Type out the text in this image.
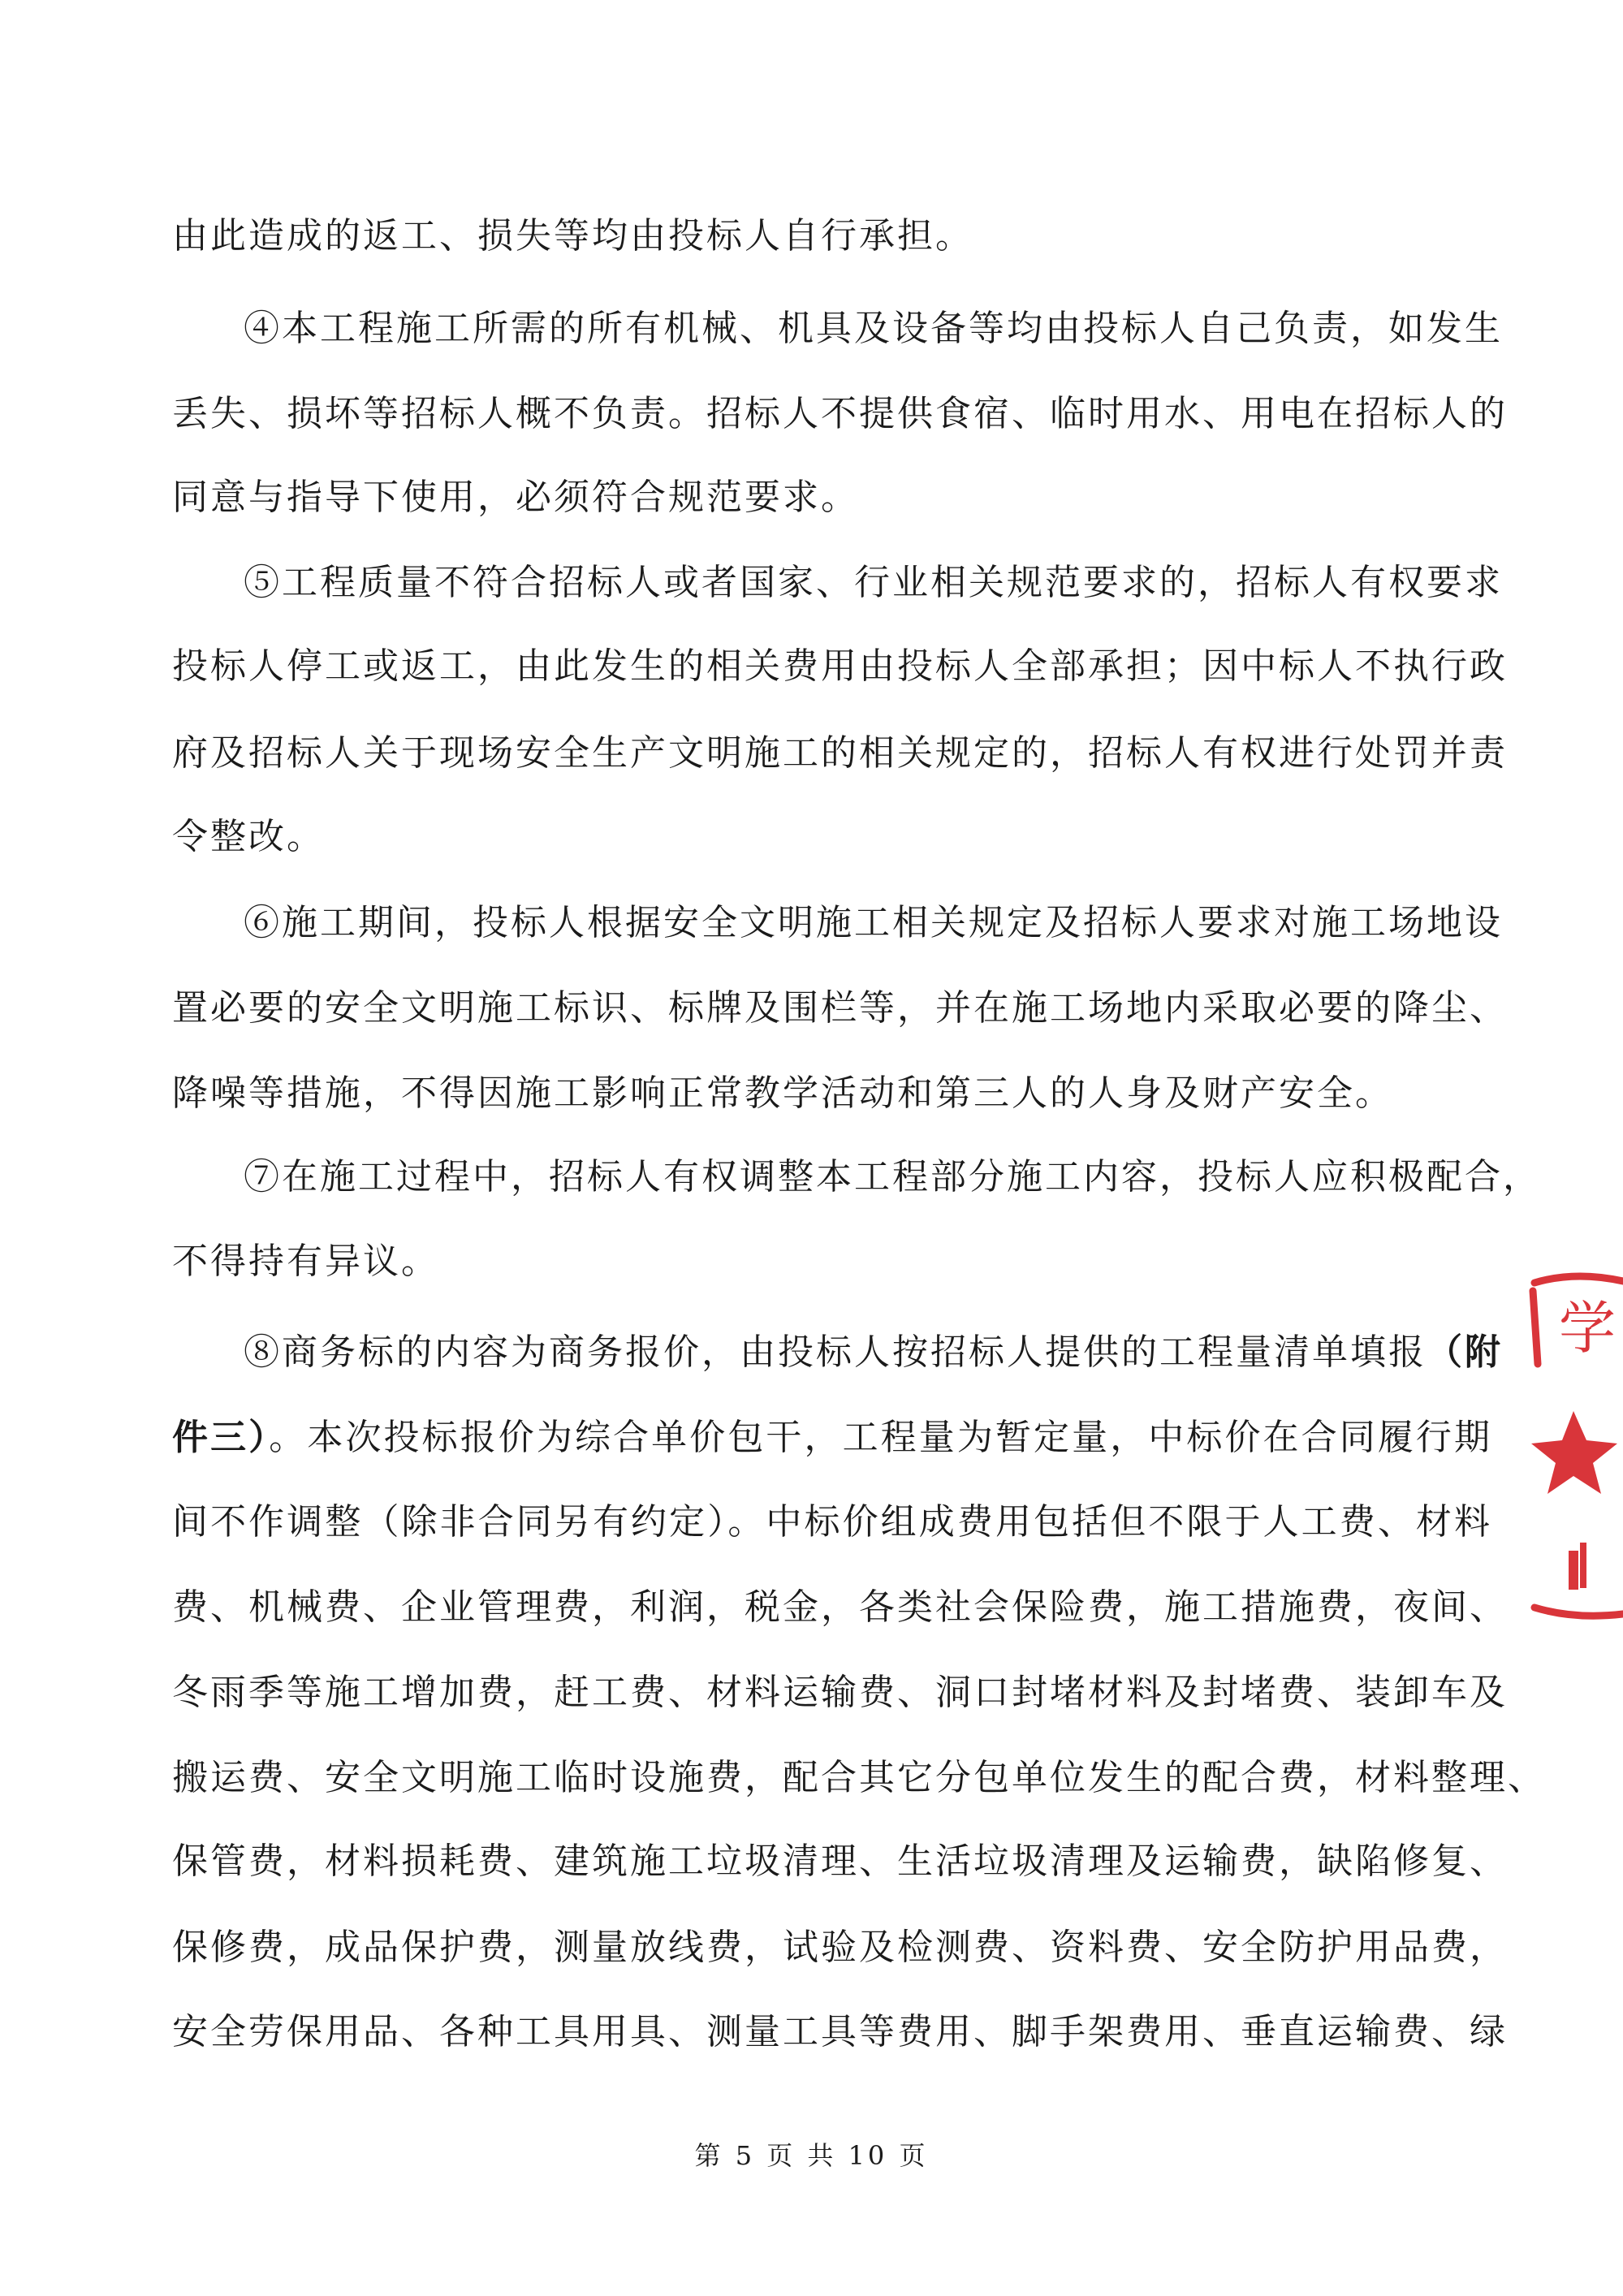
由此造成的返工、损失等均由投标人自行承担。
④本工程施工所需的所有机械、机具及设备等均由投标人自己负责，如发生
丢失、损坏等招标人概不负责。招标人不提供食宿、临时用水、用电在招标人的
同意与指导下使用，必须符合规范要求。
⑤工程质量不符合招标人或者国家、行业相关规范要求的，招标人有权要求
投标人停工或返工，由此发生的相关费用由投标人全部承担；因中标人不执行政
府及招标人关于现场安全生产文明施工的相关规定的，招标人有权进行处罚并责
令整改。
⑥施工期间，投标人根据安全文明施工相关规定及招标人要求对施工场地设
置必要的安全文明施工标识、标牌及围栏等，并在施工场地内采取必要的降尘、
降噪等措施，不得因施工影响正常教学活动和第三人的人身及财产安全。
⑦在施工过程中，招标人有权调整本工程部分施工内容，投标人应积极配合，
不得持有异议。
⑧商务标的内容为商务报价，由投标人按招标人提供的工程量清单填报（附
件三）。本次投标报价为综合单价包干，工程量为暂定量，中标价在合同履行期
间不作调整（除非合同另有约定）。中标价组成费用包括但不限于人工费、材料
费、机械费、企业管理费，利润，税金，各类社会保险费，施工措施费，夜间、
冬雨季等施工增加费，赶工费、材料运输费、洞口封堵材料及封堵费、装卸车及
搬运费、安全文明施工临时设施费，配合其它分包单位发生的配合费，材料整理、
保管费，材料损耗费、建筑施工垃圾清理、生活垃圾清理及运输费，缺陷修复、
保修费，成品保护费，测量放线费，试验及检测费、资料费、安全防护用品费，
安全劳保用品、各种工具用具、测量工具等费用、脚手架费用、垂直运输费、绿
第 5 页 共 10 页
学
